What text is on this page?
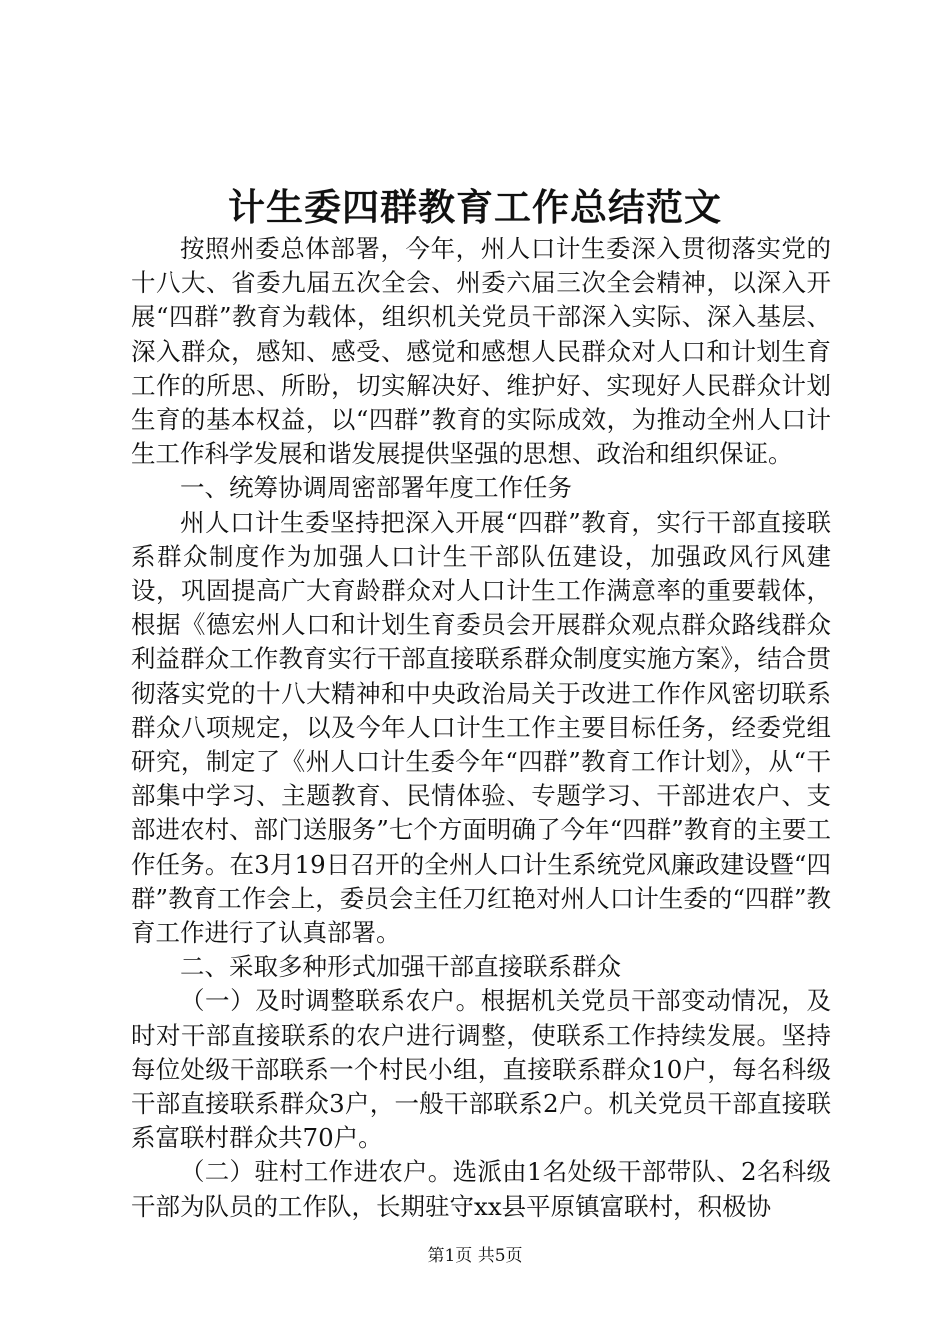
计生委四群教育工作总结范文

按照州委总体部署，今年，州人口计生委深入贯彻落实党的十八大、省委九届五次全会、州委六届三次全会精神，以深入开展“四群”教育为载体，组织机关党员干部深入实际、深入基层、深入群众，感知、感受、感觉和感想人民群众对人口和计划生育工作的所思、所盼，切实解决好、维护好、实现好人民群众计划生育的基本权益，以“四群”教育的实际成效，为推动全州人口计生工作科学发展和谐发展提供坚强的思想、政治和组织保证。

一、统筹协调周密部署年度工作任务

州人口计生委坚持把深入开展“四群”教育，实行干部直接联系群众制度作为加强人口计生干部队伍建设，加强政风行风建设，巩固提高广大育龄群众对人口计生工作满意率的重要载体，根据《德宏州人口和计划生育委员会开展群众观点群众路线群众利益群众工作教育实行干部直接联系群众制度实施方案》，结合贯彻落实党的十八大精神和中央政治局关于改进工作作风密切联系群众八项规定，以及今年人口计生工作主要目标任务，经委党组研究，制定了《州人口计生委今年“四群”教育工作计划》，从“干部集中学习、主题教育、民情体验、专题学习、干部进农户、支部进农村、部门送服务”七个方面明确了今年“四群”教育的主要工作任务。在3月19日召开的全州人口计生系统党风廉政建设暨“四群”教育工作会上，委员会主任刀红艳对州人口计生委的“四群”教育工作进行了认真部署。

二、采取多种形式加强干部直接联系群众

（一）及时调整联系农户。根据机关党员干部变动情况，及时对干部直接联系的农户进行调整，使联系工作持续发展。坚持每位处级干部联系一个村民小组，直接联系群众10户，每名科级干部直接联系群众3户，一般干部联系2户。机关党员干部直接联系富联村群众共70户。

（二）驻村工作进农户。选派由1名处级干部带队、2名科级干部为队员的工作队，长期驻守xx县平原镇富联村，积极协

第1页 共5页
